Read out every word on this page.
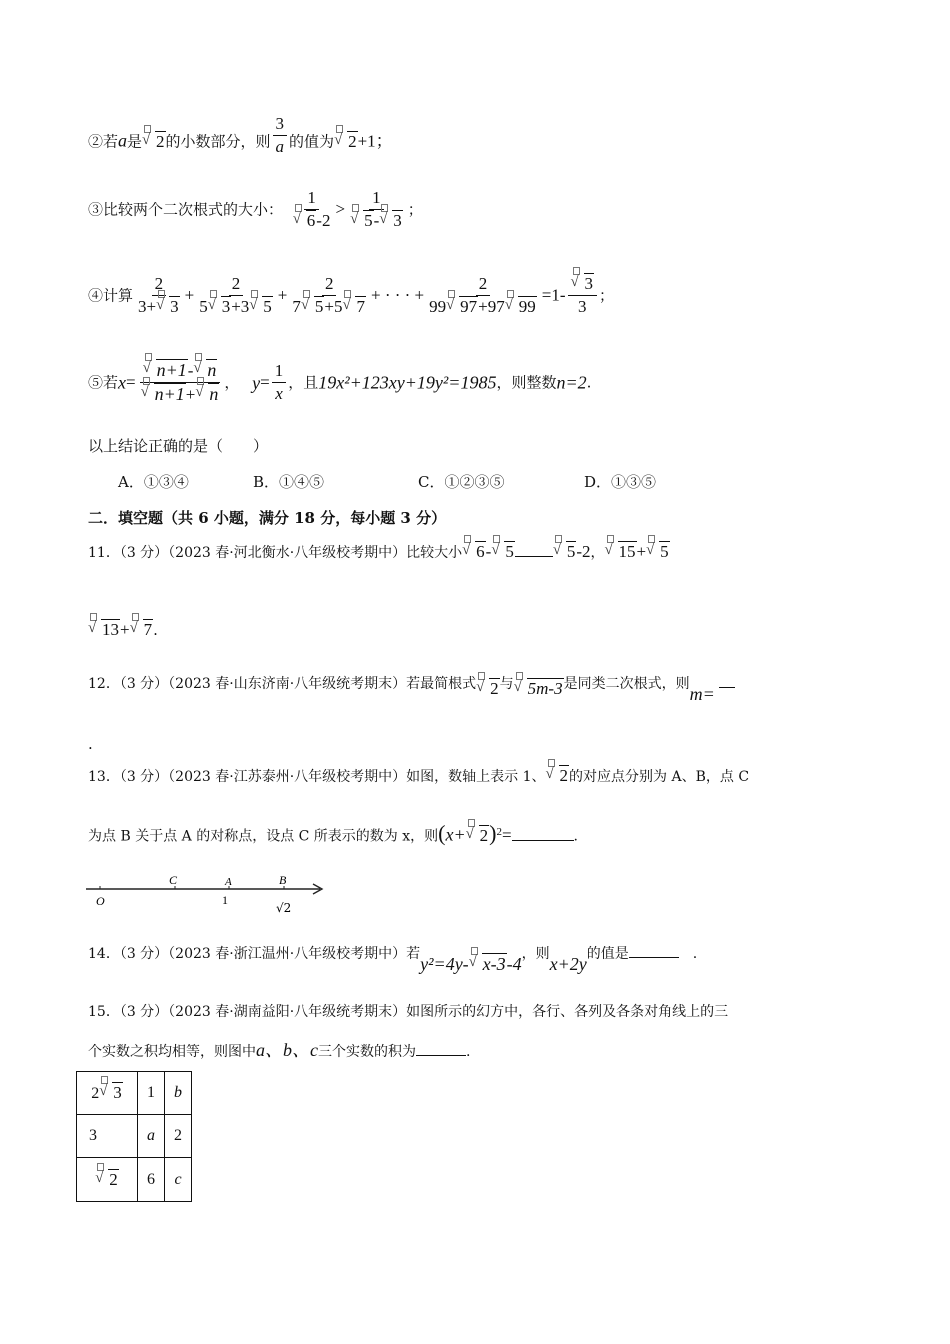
②若a是 √ 2的小数部分，则 $\frac{3}{a}$ 的值为 √ 2+1；
③比较两个二次根式的大小： $\frac{1}{√ 6-2} > \frac{1}{√ 5- √ 3}$ ；
④计算 $\frac{2}{3+ √ 3} + \frac{2}{5 √ 3+3 √ 5} + \frac{2}{7 √ 5+5 √ 7}$ + · · · + $\frac{2}{99 √ 97+97 √ 99} =1- \frac{√ 3}{3}$ ；
⑤若$x= \frac{√ n+1- √ n}{√ n+1+ √ n}$ ， $y= \frac{1}{x}$ ，且19x²+123xy+19y²=1985，则整数n=2.
以上结论正确的是（　　）
A．①③④	B．①④⑤	C．①②③⑤	D．①③⑤
二．填空题（共 6 小题，满分 18 分，每小题 3 分）
11．（3 分）（2023 春·河北衡水·八年级校考期中）比较大小 √ 6- √ 5	√ 5-2， √ 15+ √ 5
√ 13+ √ 7.
12．（3 分）（2023 春·山东济南·八年级统考期末）若最简根式 √ 2与 √ 5m-3是同类二次根式，则m=
.
13．（3 分）（2023 春·江苏泰州·八年级校考期中）如图，数轴上表示 1、 √ 2的对应点分别为 A、B，点 C
为点 B 关于点 A 的对称点，设点 C 所表示的数为 x，则(x+ √ 2)$^2$=	.
O
C	A	B
1
√2
14．（3 分）（2023 春·浙江温州·八年级校考期中）若y²=4y- √ x-3-4，则x+2y的值是　	.
15．（3 分）（2023 春·湖南益阳·八年级统考期末）如图所示的幻方中，各行、各列及各条对角线上的三
个实数之积均相等，则图中a、b、c三个实数的积为	.
2 √ 3	1	b
3	a	2

√ 2	6	c
